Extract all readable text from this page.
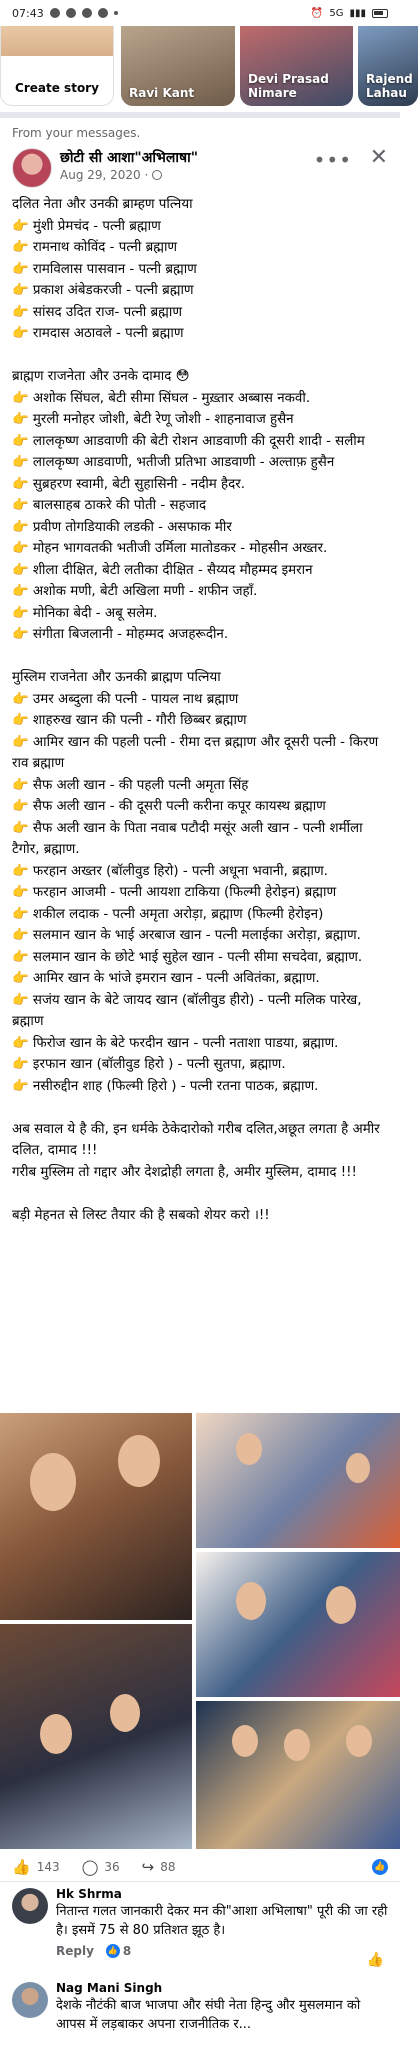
07:43	⏰ 5G ▮▮▮
Create story	Ravi Kant
Devi Prasad Nimare
Rajend Lahau
From your messages.
छोटी सी आशा"अभिलाषा"
Aug 29, 2020 ·
••• ✕
दलित नेता और उनकी ब्राम्हण पत्निया
👉 मुंशी प्रेमचंद - पत्नी ब्रह्माण
👉 रामनाथ कोविंद - पत्नी ब्रह्माण
👉 रामविलास पासवान - पत्नी ब्रह्माण
👉 प्रकाश अंबेडकरजी - पत्नी ब्रह्माण
👉 सांसद उदित राज- पत्नी ब्रह्माण
👉 रामदास अठावले - पत्नी ब्रह्माण
ब्राह्मण राजनेता और उनके दामाद 😳
👉 अशोक सिंघल, बेटी सीमा सिंघल - मुख़्तार अब्बास नकवी.
👉 मुरली मनोहर जोशी, बेटी रेणू जोशी - शाहनावाज हुसैन
👉 लालकृष्ण आडवाणी की बेटी रोशन आडवाणी की दूसरी शादी - सलीम
👉 लालकृष्ण आडवाणी, भतीजी प्रतिभा आडवाणी - अल्ताफ़ हुसैन
👉 सुब्रहरण स्वामी, बेटी सुहासिनी - नदीम हैदर.
👉 बालसाहब ठाकरे की पोती - सहजाद
👉 प्रवीण तोगडियाकी लडकी - असफाक मीर
👉 मोहन भागवतकी भतीजी उर्मिला मातोडकर - मोहसीन अख्तर.
👉 शीला दीक्षित, बेटी लतीका दीक्षित - सैय्यद मौहम्मद इमरान
👉 अशोक मणी, बेटी अखिला मणी - शफीन जहाँ.
👉 मोनिका बेदी - अबू सलेम.
👉 संगीता बिजलानी - मोहम्मद अजहरूदीन.
मुस्लिम राजनेता और ऊनकी ब्राह्मण पत्निया
👉 उमर अब्दुला की पत्नी - पायल नाथ ब्रह्माण
👉 शाहरुख खान की पत्नी - गौरी छिब्बर ब्रह्माण
👉 आमिर खान की पहली पत्नी - रीमा दत्त ब्रह्माण और दूसरी पत्नी - किरण राव ब्रह्माण
👉 सैफ अली खान - की पहली पत्नी अमृता सिंह
👉 सैफ अली खान - की दूसरी पत्नी करीना कपूर कायस्थ ब्रह्माण
👉 सैफ अली खान के पिता नवाब पटौदी मसूंर अली खान - पत्नी शर्मीला टैगोर, ब्रह्माण.
👉 फरहान अख्तर (बॉलीवुड हिरो) - पत्नी अधूना भवानी, ब्रह्माण.
👉 फरहान आजमी - पत्नी आयशा टाकिया (फिल्मी हेरोइन) ब्रह्माण
👉 शकील लदाक - पत्नी अमृता अरोड़ा, ब्रह्माण (फिल्मी हेरोइन)
👉 सलमान खान के भाई अरबाज खान - पत्नी मलाईका अरोड़ा, ब्रह्माण.
👉 सलमान खान के छोटे भाई सुहेल खान - पत्नी सीमा सचदेवा, ब्रह्माण.
👉 आमिर खान के भांजे इमरान खान - पत्नी अवितंका, ब्रह्माण.
👉 सजंय खान के बेटे जायद खान (बॉलीवुड हीरो) - पत्नी मलिक पारेख, ब्रह्माण
👉 फिरोज खान के बेटे फरदीन खान - पत्नी नताशा पाडया, ब्रह्माण.
👉 इरफान खान (बॉलीवुड हिरो ) - पत्नी सुतपा, ब्रह्माण.
👉 नसीरुद्दीन शाह (फिल्मी हिरो ) - पत्नी रतना पाठक, ब्रह्माण.
अब सवाल ये है की, इन धर्मके ठेकेदारोको गरीब दलित,अछूत लगता है अमीर दलित, दामाद !!!
गरीब मुस्लिम तो गद्दार और देशद्रोही लगता है, अमीर मुस्लिम, दामाद !!!
बड़ी मेहनत से लिस्ट तैयार की है सबको शेयर करो ।!!
👍 143 ◯ 36 ↪ 88	👍
Hk Shrma
नितान्त गलत जानकारी देकर मन की"आशा अभिलाषा" पूरी की जा रही है। इसमें 75 से 80 प्रतिशत झूठ है।
Reply 👍 8
👍
Nag Mani Singh
देशके नौटंकी बाज भाजपा और संघी नेता हिन्दु और मुसलमान को आपस में लड़बाकर अपना राजनीतिक र...
